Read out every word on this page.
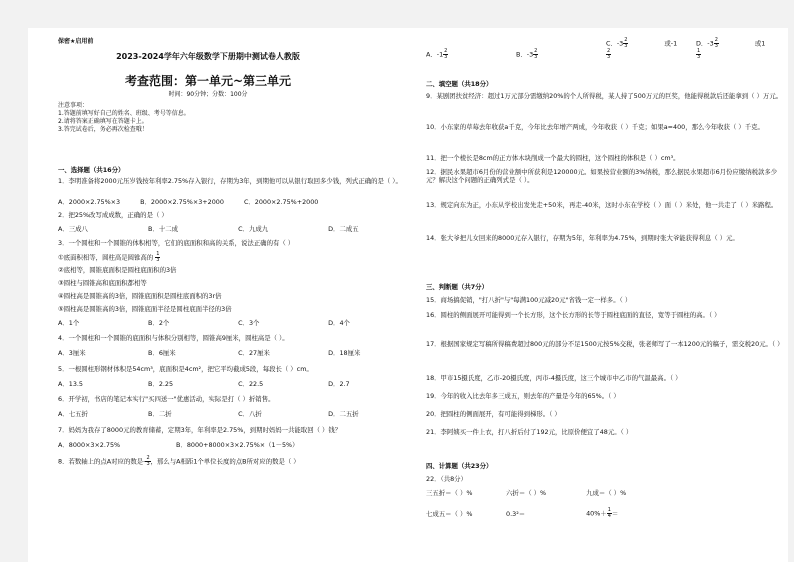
保密★启用前
2023-2024学年六年级数学下册期中测试卷人教版
考查范围：第一单元~第三单元
时间：90分钟；分数：100分
注意事项：
1.答题前填写好自己的姓名、班级、考号等信息。
2.请将答案正确填写在答题卡上。
3.答完试卷后，务必再次检查哦！
一、选择题（共16分）
1．李明准备将2000元压岁钱按年利率2.75%存入银行，存期为3年，到期他可以从银行取回多少钱，列式正确的是（ ）。
A．2000×2.75%×3	B．2000×2.75%×3+2000	C．2000×2.75%+2000
2．把25%改写成成数，正确的是（ ）
A．三成八	B．十二成	C．九成九	D．二成五
3．一个圆柱和一个圆锥的体积相等，它们的底面积和高的关系，说法正确的有（ ）
①底面积相等，圆柱高是圆锥高的 $\frac{1}{3}$
②底相等，圆锥底面积是圆柱底面积的3倍
③圆柱与圆锥高和底面积都相等
④圆柱高是圆锥高的3倍，圆锥底面积是圆柱底面积的3r倍
⑤圆柱高是圆锥高的3倍，圆锥底面半径是圆柱底面半径的3倍
A．1个	B．2个	C．3个	D．4个
4．一个圆柱和一个圆锥的底面积与体积分别相等，圆锥高9厘米，圆柱高是（ ）。
A．3厘米	B．6厘米	C．27厘米	D．18厘米
5．一根圆柱形钢材体积是54cm³，底面积是4cm²，把它平均截成5段，每段长（ ）cm。
A．13.5	B．2.25	C．22.5	D．2.7
6．开学初，书店的笔记本实行"买四送一"优惠活动，实际是打（ ）折销售。
A．七五折	B．二折	C．八折	D．二五折
7．妈妈为我存了8000元的教育储蓄，定期3年，年利率是2.75%，到期时妈妈一共能取回（ ）钱？
A．8000×3×2.75%	B．8000+8000×3×2.75%×（1－5%）
8．若数轴上的点A对应的数是- $\frac{2}{3}$ ，那么与A相距1个单位长度的点B所对应的数是（ ）
A．$-1 \frac{2}{3}$	B．$-3 \frac{2}{3}$
C．$-3 \frac{2}{3}$	或-1
$\frac{2}{3}$
D．$-3 \frac{2}{3}$	或1
$\frac{1}{3}$
二、填空题（共18分）
9．某剧团扶贫经济：超过1万元部分需缴纳20%的个人所得税，某人持了500万元的巨奖，他能得税款后还能拿到（ ）万元。
10．小东家的草莓去年收获a千克，今年比去年增产两成，今年收获（ ）千克；如果a=400，那么今年收获（ ）千克。
11．把一个棱长是8cm的正方体木块削成一个最大的圆柱，这个圆柱的体积是（ ）cm³。
12．据民水果超市6月份的营业额中所获利是120000元。如果按营业额的3%纳税，那么据民水果超市6月份应缴纳税款多少元？解决这个问题的正确列式是（ ）。
13．规定向东为正，小东从学校出发先走+50米，再走-40米，这时小东在学校（ ）面（ ）米处，他一共走了（ ）米路程。
14．张大爷把儿女回来的8000元存入银行，存期为5年，年利率为4.75%，到期时张大爷能获得利息（ ）元。
三、判断题（共7分）
15．商场搞促销，"打八折"与"每满100元减20元"省钱一定一样多。（ ）
16．圆柱的侧面展开可能得到一个长方形，这个长方形的长等于圆柱底面的直径，宽等于圆柱的高。（ ）
17．根据国家规定写稿所得稿费超过800元的部分不足1500元按5%交税，张老师写了一本1200元的稿子，需交税20元。（ ）
18．甲市15摄氏度，乙市-20摄氏度，丙市-4摄氏度，这三个城市中乙市的气温最高。（ ）
19．今年的收入比去年多三成五，则去年的产量是今年的65%。（ ）
20．把圆柱的侧面展开，有可能得到梯形。（ ）
21．李阿姨买一件上衣，打八折后付了192元，比原价便宜了48元。（ ）
四、计算题（共23分）
22．（共8分）
三五折＝（ ）%	六折＝（ ）%	九成＝（ ）%
七成五＝（ ）%	0.3²＝	$40\%+ \frac{1}{4}$ ＝
